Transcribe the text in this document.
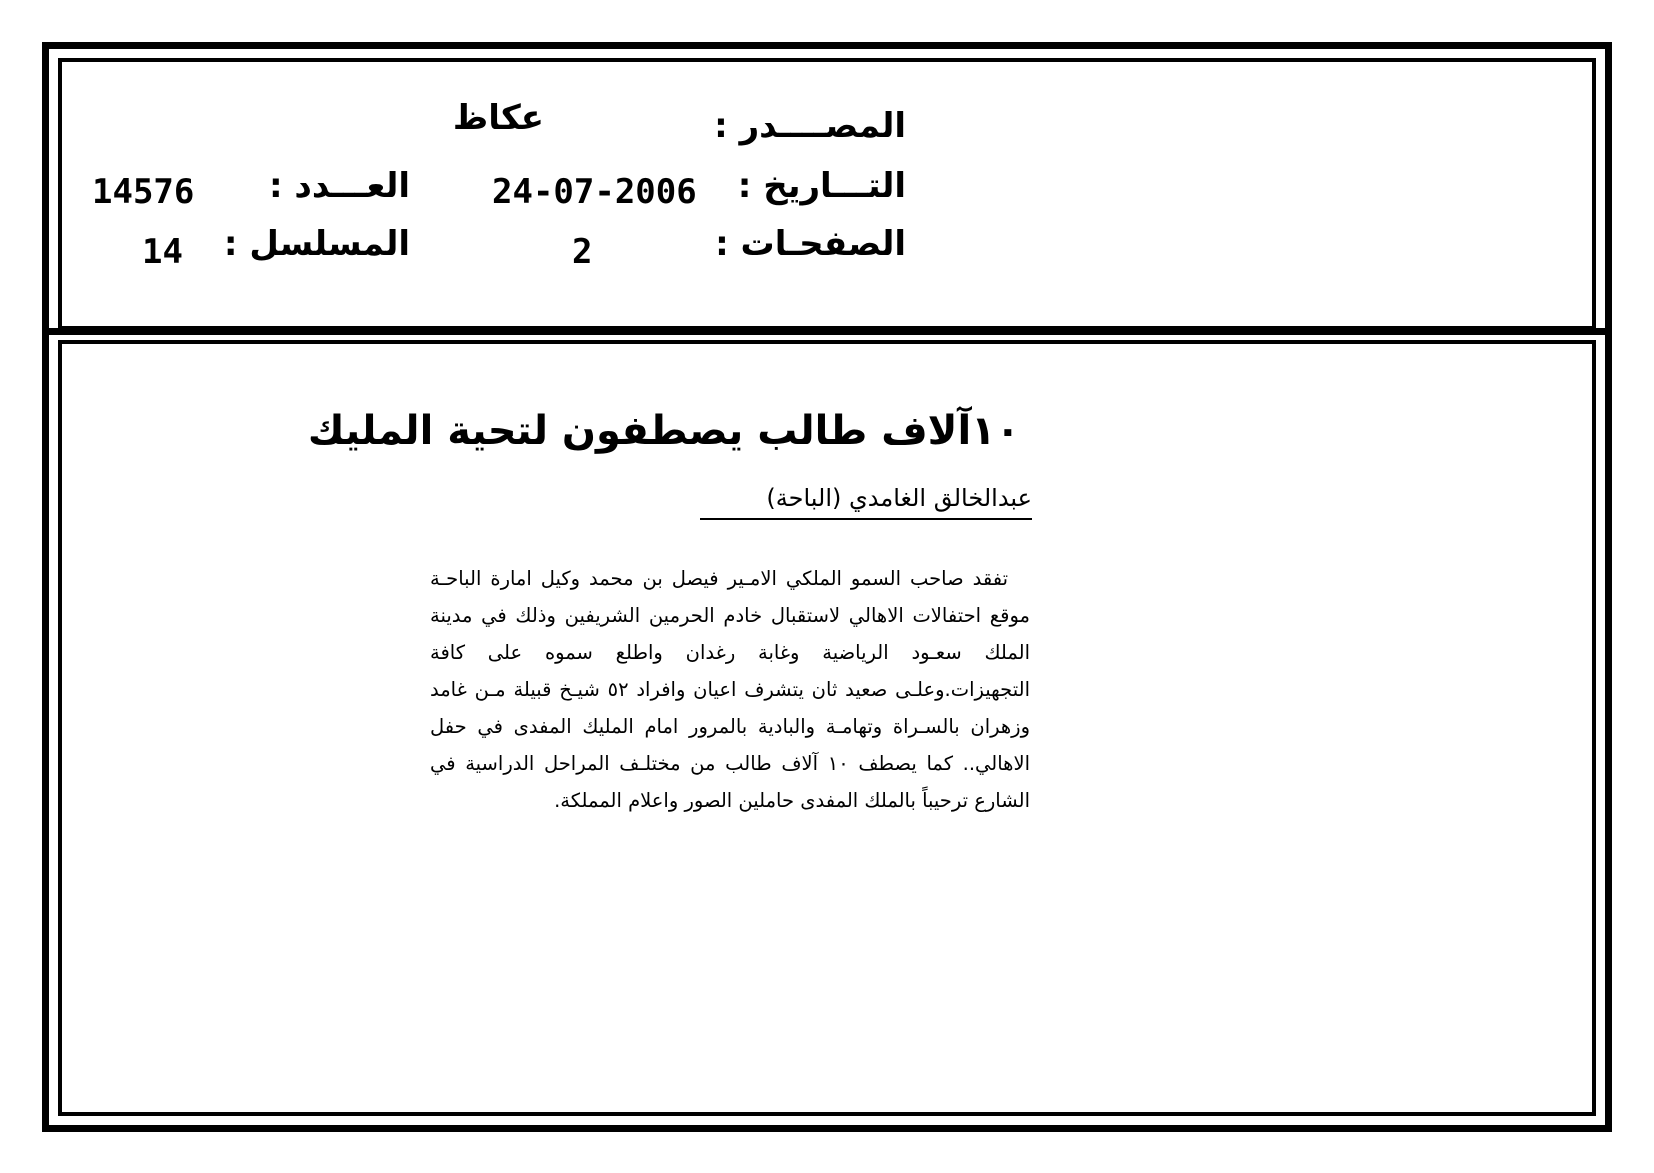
المصــــدر :
عكاظ
التـــاريخ :
24-07-2006
العـــدد :
14576
الصفحـات :
2
المسلسل :
14
١٠آلاف طالب يصطفون لتحية المليك
عبدالخالق الغامدي (الباحة)

تفقد صاحب السمو الملكي الامـير فيصل بن محمد وكيل امارة الباحـة موقع احتفالات الاهالي لاستقبال خادم الحرمين الشريفين وذلك في مدينة الملك سعـود الرياضية وغابة رغدان واطلع سموه على كافة التجهيزات.وعلـى صعيد ثان يتشرف اعيان وافراد ٥٢ شيـخ قبيلة مـن غامد وزهران بالسـراة وتهامـة والبادية بالمرور امام المليك المفدى في حفل الاهالي.. كما يصطف ١٠ آلاف طالب من مختلـف المراحل الدراسية في الشارع ترحيباً بالملك المفدى حاملين الصور واعلام المملكة.
